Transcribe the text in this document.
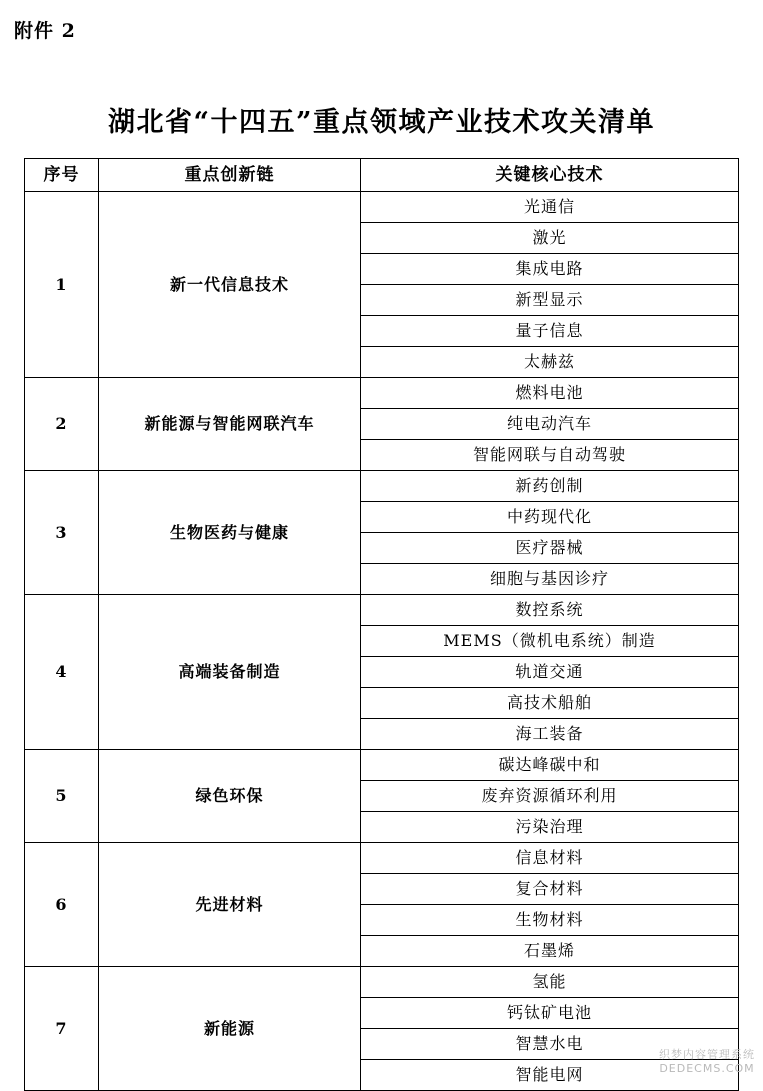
附件 2
湖北省“十四五”重点领域产业技术攻关清单
序号	重点创新链	关键核心技术
1	新一代信息技术	光通信
		激光
		集成电路
		新型显示
		量子信息
		太赫兹
2	新能源与智能网联汽车	燃料电池
		纯电动汽车
		智能网联与自动驾驶
3	生物医药与健康	新药创制
		中药现代化
		医疗器械
		细胞与基因诊疗
4	高端装备制造	数控系统
		MEMS（微机电系统）制造
		轨道交通
		高技术船舶
		海工装备
5	绿色环保	碳达峰碳中和
		废弃资源循环利用
		污染治理
6	先进材料	信息材料
		复合材料
		生物材料
		石墨烯
7	新能源	氢能
		钙钛矿电池
		智慧水电
		智能电网
织梦内容管理系统
DEDECMS.COM
